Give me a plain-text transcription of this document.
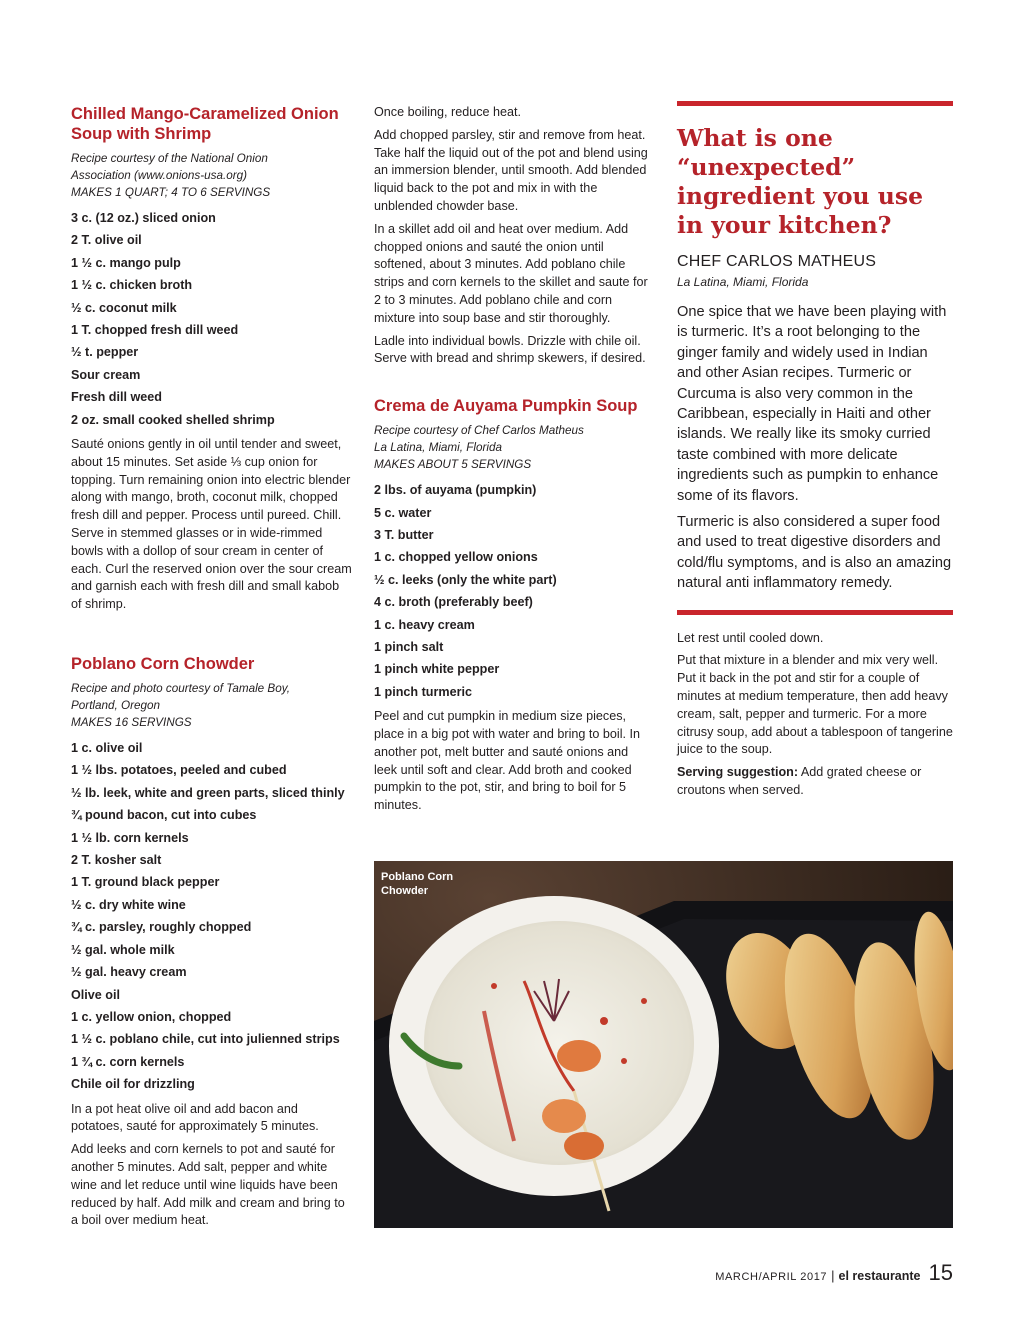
Chilled Mango-Caramelized Onion Soup with Shrimp
Recipe courtesy of the National Onion
Association (www.onions-usa.org)
MAKES 1 QUART; 4 TO 6 SERVINGS
3 c. (12 oz.) sliced onion
2 T. olive oil
1 ½ c. mango pulp
1 ½ c. chicken broth
½ c. coconut milk
1 T. chopped fresh dill weed
½ t. pepper
Sour cream
Fresh dill weed
2 oz. small cooked shelled shrimp

Sauté onions gently in oil until tender and sweet, about 15 minutes. Set aside ⅓ cup onion for topping. Turn remaining onion into electric blender along with mango, broth, coconut milk, chopped fresh dill and pepper. Process until pureed. Chill. Serve in stemmed glasses or in wide-rimmed bowls with a dollop of sour cream in center of each. Curl the reserved onion over the sour cream and garnish each with fresh dill and small kabob of shrimp.

Poblano Corn Chowder
Recipe and photo courtesy of Tamale Boy,
Portland, Oregon
MAKES 16 SERVINGS
1 c. olive oil
1 ½ lbs. potatoes, peeled and cubed
½ lb. leek, white and green parts, sliced thinly
¾ pound bacon, cut into cubes
1 ½ lb. corn kernels
2 T. kosher salt
1 T. ground black pepper
½ c. dry white wine
¾ c. parsley, roughly chopped
½ gal. whole milk
½ gal. heavy cream
Olive oil
1 c. yellow onion, chopped
1 ½ c. poblano chile, cut into julienned strips
1 ¾ c. corn kernels
Chile oil for drizzling

In a pot heat olive oil and add bacon and potatoes, sauté for approximately 5 minutes.

Add leeks and corn kernels to pot and sauté for another 5 minutes. Add salt, pepper and white wine and let reduce until wine liquids have been reduced by half. Add milk and cream and bring to a boil over medium heat.

Once boiling, reduce heat.

Add chopped parsley, stir and remove from heat. Take half the liquid out of the pot and blend using an immersion blender, until smooth. Add blended liquid back to the pot and mix in with the unblended chowder base.

In a skillet add oil and heat over medium. Add chopped onions and sauté the onion until softened, about 3 minutes. Add poblano chile strips and corn kernels to the skillet and saute for 2 to 3 minutes. Add poblano chile and corn mixture into soup base and stir thoroughly.

Ladle into individual bowls. Drizzle with chile oil. Serve with bread and shrimp skewers, if desired.

Crema de Auyama Pumpkin Soup
Recipe courtesy of Chef Carlos Matheus
La Latina, Miami, Florida
MAKES ABOUT 5 SERVINGS
2 lbs. of auyama (pumpkin)
5 c. water
3 T. butter
1 c. chopped yellow onions
½ c. leeks (only the white part)
4 c. broth (preferably beef)
1 c. heavy cream
1 pinch salt
1 pinch white pepper
1 pinch turmeric

Peel and cut pumpkin in medium size pieces, place in a big pot with water and bring to boil. In another pot, melt butter and sauté onions and leek until soft and clear. Add broth and cooked pumpkin to the pot, stir, and bring to boil for 5 minutes.

What is one “unexpected” ingredient you use in your kitchen?
CHEF CARLOS MATHEUS
La Latina, Miami, Florida

One spice that we have been playing with is turmeric. It’s a root belonging to the ginger family and widely used in Indian and other Asian recipes. Turmeric or Curcuma is also very common in the Caribbean, especially in Haiti and other islands. We really like its smoky curried taste combined with more delicate ingredients such as pumpkin to enhance some of its flavors.

Turmeric is also considered a super food and used to treat digestive disorders and cold/flu symptoms, and is also an amazing natural anti inflammatory remedy.

Let rest until cooled down.

Put that mixture in a blender and mix very well. Put it back in the pot and stir for a couple of minutes at medium temperature, then add heavy cream, salt, pepper and turmeric. For a more citrusy soup, add about a tablespoon of tangerine juice to the soup.

Serving suggestion: Add grated cheese or croutons when served.

Poblano Corn Chowder
MARCH/APRIL 2017 | el restaurante 15
